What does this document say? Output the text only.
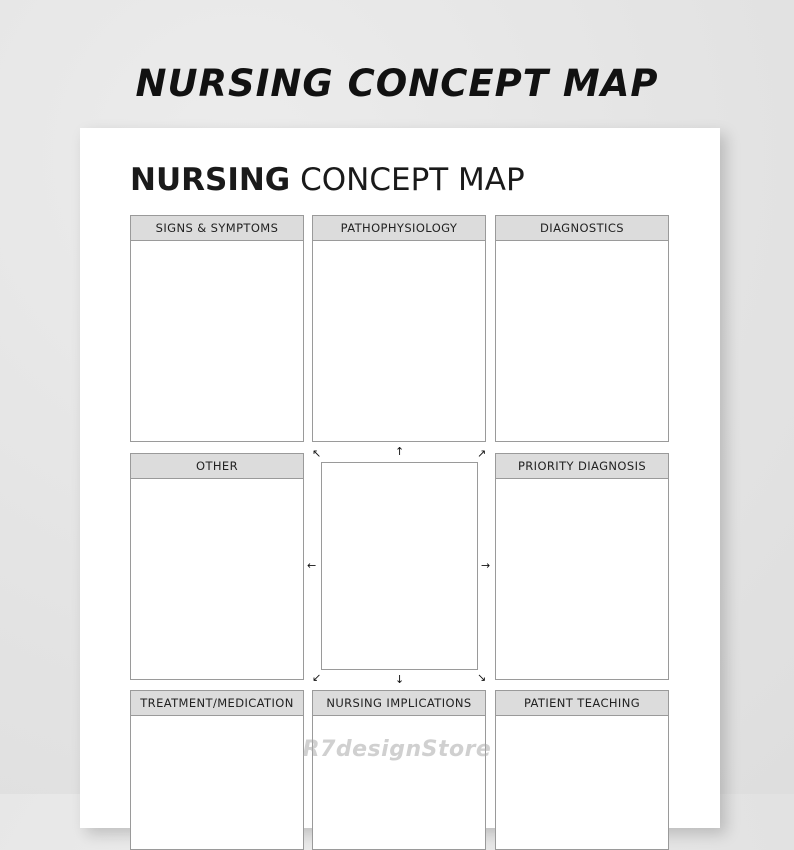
NURSING CONCEPT MAP
NURSING CONCEPT MAP
SIGNS & SYMPTOMS	PATHOPHYSIOLOGY	DIAGNOSTICS
OTHER	PRIORITY DIAGNOSIS
↖	↑	↗
←	→
↙	↓	↘
TREATMENT/MEDICATION	NURSING IMPLICATIONS	PATIENT TEACHING
R7designStore
